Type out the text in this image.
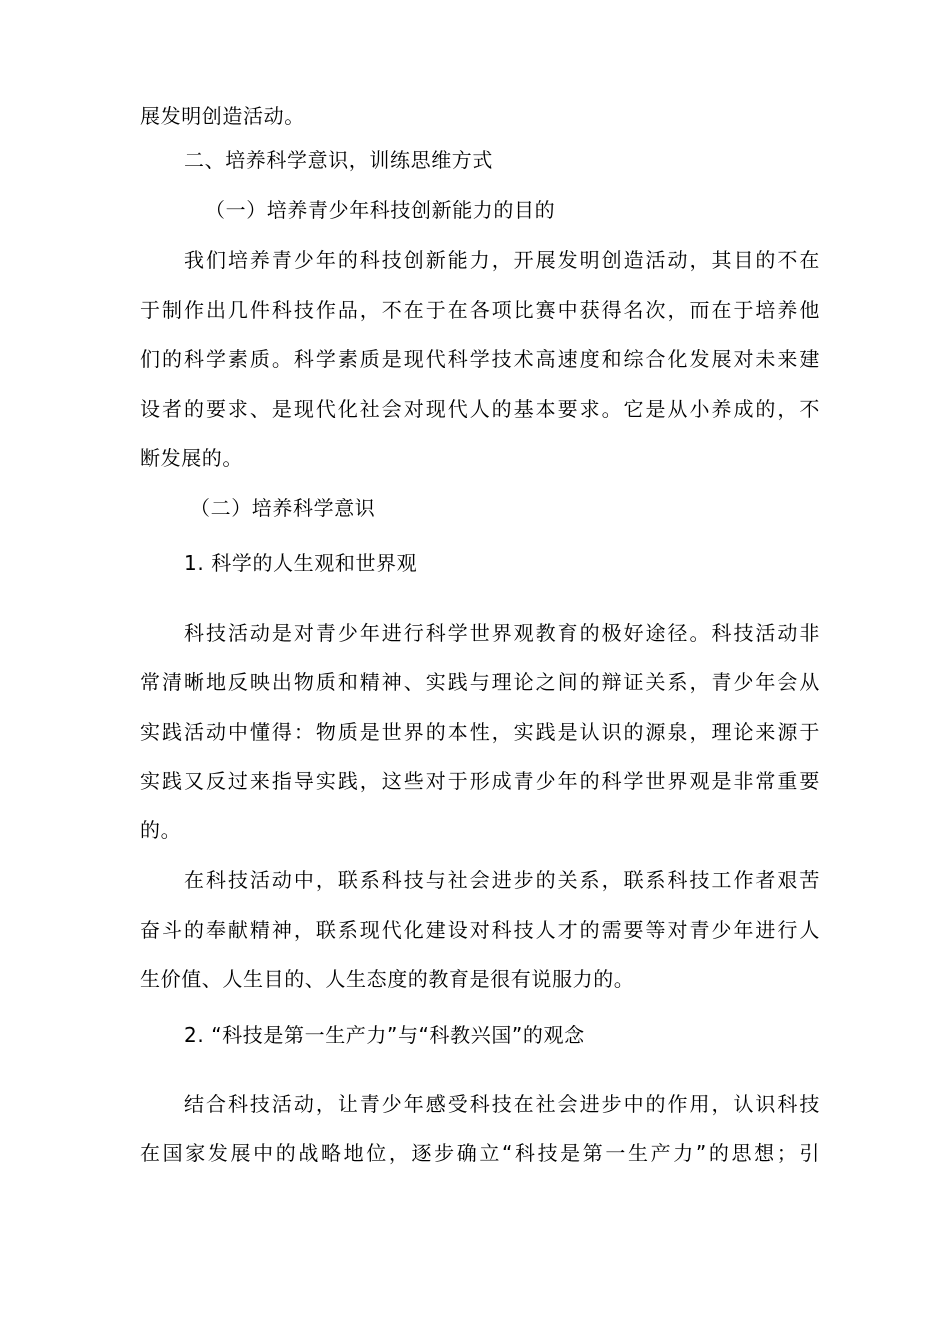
展发明创造活动。
二、培养科学意识，训练思维方式
（一）培养青少年科技创新能力的目的
我们培养青少年的科技创新能力，开展发明创造活动，其目的不在
于制作出几件科技作品，不在于在各项比赛中获得名次，而在于培养他
们的科学素质。科学素质是现代科学技术高速度和综合化发展对未来建
设者的要求、是现代化社会对现代人的基本要求。它是从小养成的，不
断发展的。
（二）培养科学意识
1. 科学的人生观和世界观
科技活动是对青少年进行科学世界观教育的极好途径。科技活动非
常清晰地反映出物质和精神、实践与理论之间的辩证关系，青少年会从
实践活动中懂得：物质是世界的本性，实践是认识的源泉，理论来源于
实践又反过来指导实践，这些对于形成青少年的科学世界观是非常重要
的。
在科技活动中，联系科技与社会进步的关系，联系科技工作者艰苦
奋斗的奉献精神，联系现代化建设对科技人才的需要等对青少年进行人
生价值、人生目的、人生态度的教育是很有说服力的。
2. “科技是第一生产力”与“科教兴国”的观念
结合科技活动，让青少年感受科技在社会进步中的作用，认识科技
在国家发展中的战略地位，逐步确立“科技是第一生产力”的思想；引
